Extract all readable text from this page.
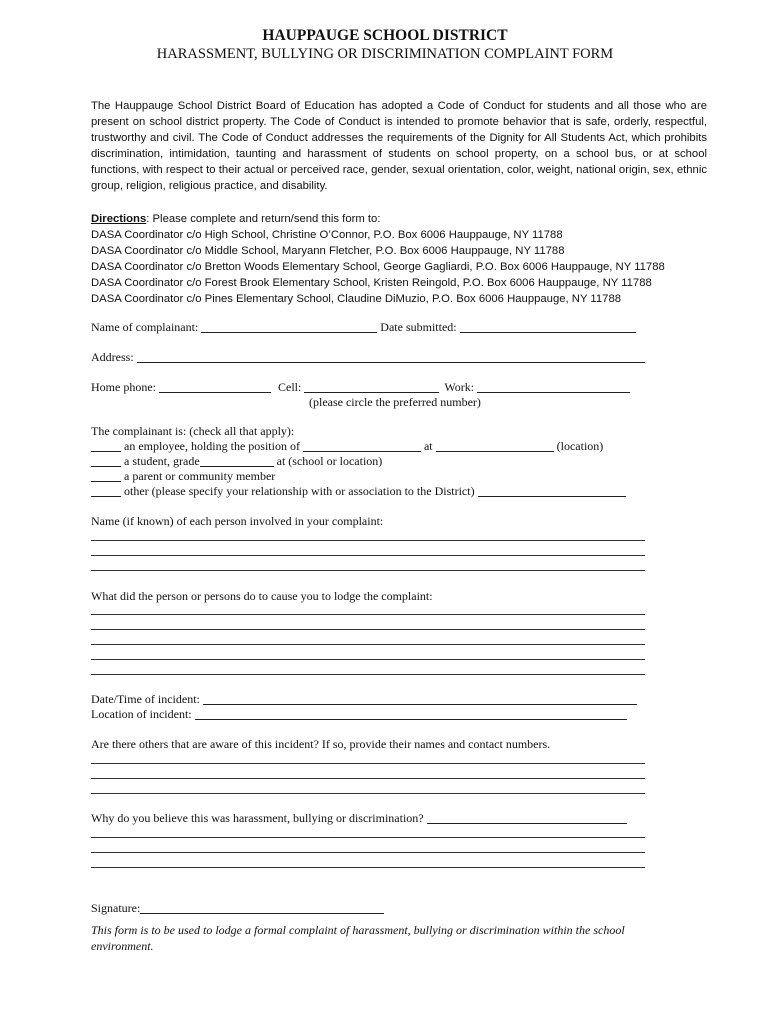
HAUPPAUGE SCHOOL DISTRICT
HARASSMENT, BULLYING OR DISCRIMINATION COMPLAINT FORM
The Hauppauge School District Board of Education has adopted a Code of Conduct for students and all those who are present on school district property. The Code of Conduct is intended to promote behavior that is safe, orderly, respectful, trustworthy and civil. The Code of Conduct addresses the requirements of the Dignity for All Students Act, which prohibits discrimination, intimidation, taunting and harassment of students on school property, on a school bus, or at school functions, with respect to their actual or perceived race, gender, sexual orientation, color, weight, national origin, sex, ethnic group, religion, religious practice, and disability.
Directions: Please complete and return/send this form to:
DASA Coordinator c/o High School, Christine O’Connor, P.O. Box 6006 Hauppauge, NY 11788
DASA Coordinator c/o Middle School, Maryann Fletcher, P.O. Box 6006 Hauppauge, NY 11788
DASA Coordinator c/o Bretton Woods Elementary School, George Gagliardi, P.O. Box 6006 Hauppauge, NY 11788
DASA Coordinator c/o Forest Brook Elementary School, Kristen Reingold, P.O. Box 6006 Hauppauge, NY 11788
DASA Coordinator c/o Pines Elementary School, Claudine DiMuzio, P.O. Box 6006 Hauppauge, NY 11788
Name of complainant:	Date submitted:
Address:
Home phone:	Cell:	Work:
(please circle the preferred number)
The complainant is: (check all that apply):
an employee, holding the position of	at	(location)
a student, grade	at (school or location)
a parent or community member
other (please specify your relationship with or association to the District)
Name (if known) of each person involved in your complaint:
What did the person or persons do to cause you to lodge the complaint:
Date/Time of incident:
Location of incident:
Are there others that are aware of this incident? If so, provide their names and contact numbers.
Why do you believe this was harassment, bullying or discrimination?
Signature:
This form is to be used to lodge a formal complaint of harassment, bullying or discrimination within the school environment.
